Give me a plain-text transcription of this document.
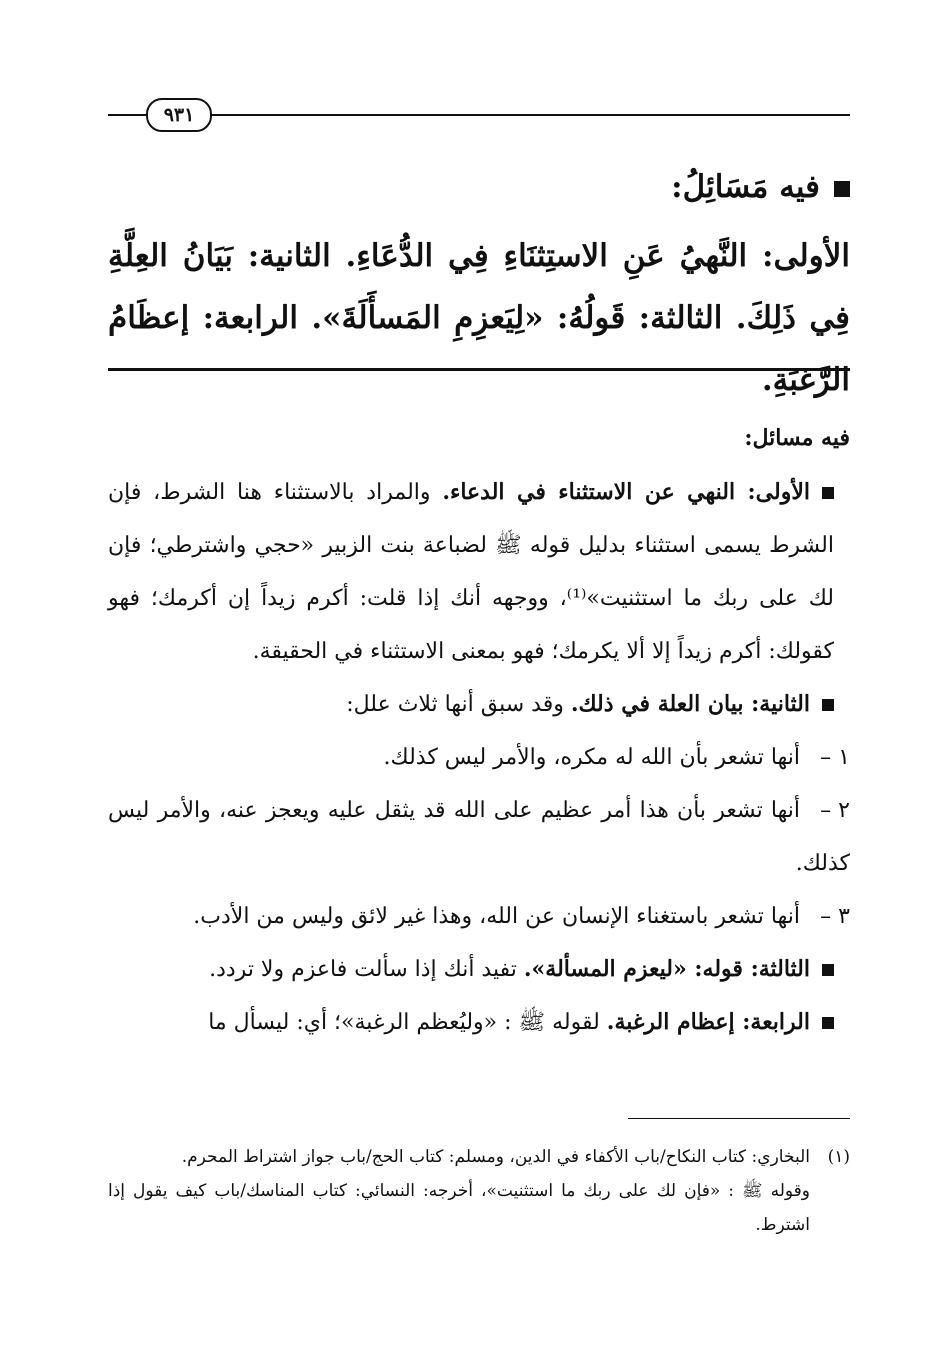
٩٣١
فيه مَسَائِلُ:
الأولى: النَّهيُ عَنِ الاستِثنَاءِ فِي الدُّعَاءِ. الثانية: بَيَانُ العِلَّةِ فِي ذَلِكَ. الثالثة: قَولُهُ: «لِيَعزِمِ المَسأَلَةَ». الرابعة: إعظَامُ الرَّغبَةِ.

فيه مسائل:

الأولى: النهي عن الاستثناء في الدعاء. والمراد بالاستثناء هنا الشرط، فإن الشرط يسمى استثناء بدليل قوله ﷺ لضباعة بنت الزبير «حجي واشترطي؛ فإن لك على ربك ما استثنيت»⁽¹⁾، ووجهه أنك إذا قلت: أكرم زيداً إن أكرمك؛ فهو كقولك: أكرم زيداً إلا ألا يكرمك؛ فهو بمعنى الاستثناء في الحقيقة.

الثانية: بيان العلة في ذلك. وقد سبق أنها ثلاث علل:

١ –أنها تشعر بأن الله له مكره، والأمر ليس كذلك.

٢ –أنها تشعر بأن هذا أمر عظيم على الله قد يثقل عليه ويعجز عنه، والأمر ليس كذلك.

٣ –أنها تشعر باستغناء الإنسان عن الله، وهذا غير لائق وليس من الأدب.

الثالثة: قوله: «ليعزم المسألة». تفيد أنك إذا سألت فاعزم ولا تردد.

الرابعة: إعظام الرغبة. لقوله ﷺ : «وليُعظم الرغبة»؛ أي: ليسأل ما

(١)البخاري: كتاب النكاح/باب الأكفاء في الدين، ومسلم: كتاب الحج/باب جواز اشتراط المحرم.

وقوله ﷺ : «فإن لك على ربك ما استثنيت»، أخرجه: النسائي: كتاب المناسك/باب كيف يقول إذا اشترط.
